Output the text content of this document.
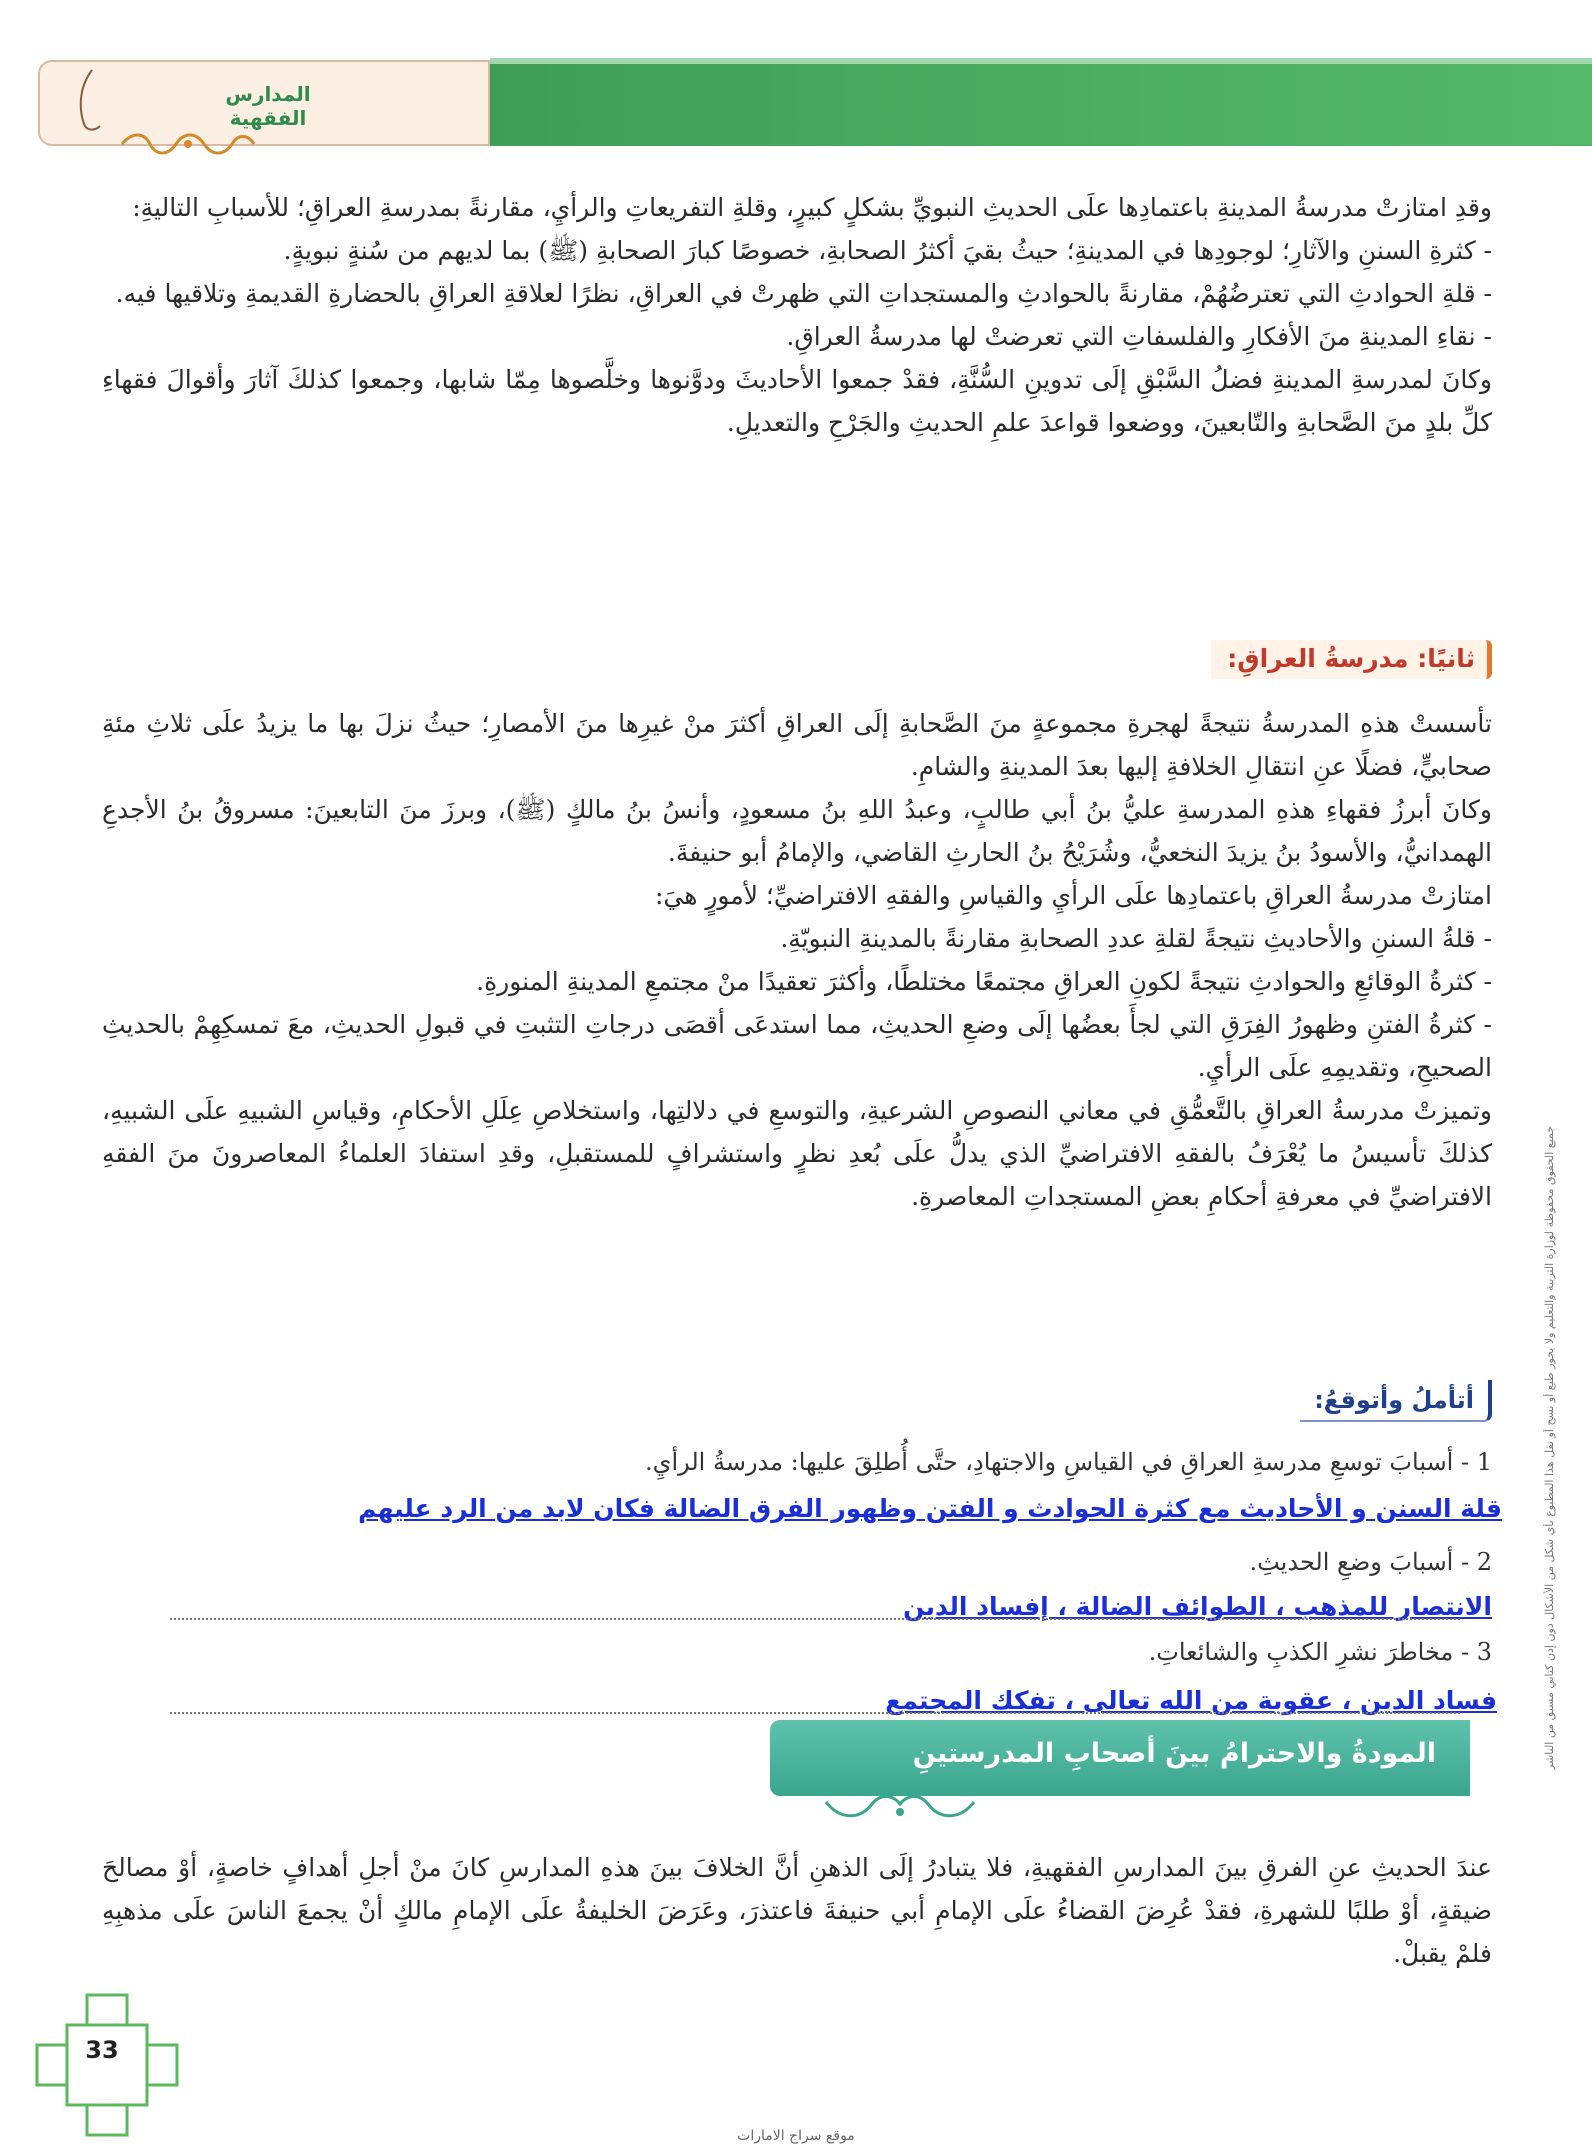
المدارس الفقهية
جميع الحقوق محفوظة لوزارة التربية والتعليم ولا يجوز طبع أو نسخ أو نقل هذا المطبوع بأي شكل من الأشكال دون إذن كتابي مسبق من الناشر
وقدِ امتازتْ مدرسةُ المدينةِ باعتمادِها علَى الحديثِ النبويِّ بشكلٍ كبيرٍ، وقلةِ التفريعاتِ والرأيِ، مقارنةً بمدرسةِ العراقِ؛ للأسبابِ التاليةِ:
- كثرةِ السننِ والآثارِ؛ لوجودِها في المدينةِ؛ حيثُ بقيَ أكثرُ الصحابةِ، خصوصًا كبارَ الصحابةِ (ﷺ) بما لديهم من سُنةٍ نبويةٍ.
- قلةِ الحوادثِ التي تعترضُهُمْ، مقارنةً بالحوادثِ والمستجداتِ التي ظهرتْ في العراقِ، نظرًا لعلاقةِ العراقِ بالحضارةِ القديمةِ وتلاقيها فيه.
- نقاءِ المدينةِ منَ الأفكارِ والفلسفاتِ التي تعرضتْ لها مدرسةُ العراقِ.
وكانَ لمدرسةِ المدينةِ فضلُ السَّبْقِ إلَى تدوينِ السُّنَّةِ، فقدْ جمعوا الأحاديثَ ودوَّنوها وخلَّصوها مِمّا شابها، وجمعوا كذلكَ آثارَ وأقوالَ فقهاءِ كلِّ بلدٍ منَ الصَّحابةِ والتّابعينَ، ووضعوا قواعدَ علمِ الحديثِ والجَرْحِ والتعديلِ.
ثانيًا: مدرسةُ العراقِ:
تأسستْ هذهِ المدرسةُ نتيجةً لهجرةِ مجموعةٍ منَ الصَّحابةِ إلَى العراقِ أكثرَ منْ غيرِها منَ الأمصارِ؛ حيثُ نزلَ بها ما يزيدُ علَى ثلاثِ مئةِ صحابيٍّ، فضلًا عنِ انتقالِ الخلافةِ إليها بعدَ المدينةِ والشامِ.
وكانَ أبرزُ فقهاءِ هذهِ المدرسةِ عليُّ بنُ أبي طالبٍ، وعبدُ اللهِ بنُ مسعودٍ، وأنسُ بنُ مالكٍ (ﷺ)، وبرزَ منَ التابعينَ: مسروقُ بنُ الأجدعِ الهمدانيُّ، والأسودُ بنُ يزيدَ النخعيُّ، وشُرَيْحُ بنُ الحارثِ القاضي، والإمامُ أبو حنيفةَ.
امتازتْ مدرسةُ العراقِ باعتمادِها علَى الرأيِ والقياسِ والفقهِ الافتراضيِّ؛ لأمورٍ هيَ:
- قلةُ السننِ والأحاديثِ نتيجةً لقلةِ عددِ الصحابةِ مقارنةً بالمدينةِ النبويّةِ.
- كثرةُ الوقائعِ والحوادثِ نتيجةً لكونِ العراقِ مجتمعًا مختلطًا، وأكثرَ تعقيدًا منْ مجتمعِ المدينةِ المنورةِ.
- كثرةُ الفتنِ وظهورُ الفِرَقِ التي لجأَ بعضُها إلَى وضعِ الحديثِ، مما استدعَى أقصَى درجاتِ التثبتِ في قبولِ الحديثِ، معَ تمسكِهِمْ بالحديثِ الصحيحِ، وتقديمِهِ علَى الرأيِ.
وتميزتْ مدرسةُ العراقِ بالتَّعمُّقِ في معاني النصوصِ الشرعيةِ، والتوسعِ في دلالتِها، واستخلاصِ عِلَلِ الأحكامِ، وقياسِ الشبيهِ علَى الشبيهِ، كذلكَ تأسيسُ ما يُعْرَفُ بالفقهِ الافتراضيِّ الذي يدلُّ علَى بُعدِ نظرٍ واستشرافٍ للمستقبلِ، وقدِ استفادَ العلماءُ المعاصرونَ منَ الفقهِ الافتراضيِّ في معرفةِ أحكامِ بعضِ المستجداتِ المعاصرةِ.
أتأملُ وأتوقعُ:
1 - أسبابَ توسعِ مدرسةِ العراقِ في القياسِ والاجتهادِ، حتَّى أُطلِقَ عليها: مدرسةُ الرأيِ.
قلة السنن و الأحاديث مع كثرة الحوادث و الفتن وظهور الفرق الضالة فكان لابد من الرد عليهم
2 - أسبابَ وضعِ الحديثِ.
الانتصار للمذهب ، الطوائف الضالة ، إفساد الدين
3 - مخاطرَ نشرِ الكذبِ والشائعاتِ.
فساد الدين ، عقوبة من الله تعالى ، تفكك المجتمع
المودةُ والاحترامُ بينَ أصحابِ المدرستينِ
عندَ الحديثِ عنِ الفرقِ بينَ المدارسِ الفقهيةِ، فلا يتبادرُ إلَى الذهنِ أنَّ الخلافَ بينَ هذهِ المدارسِ كانَ منْ أجلِ أهدافٍ خاصةٍ، أوْ مصالحَ ضيقةٍ، أوْ طلبًا للشهرةِ، فقدْ عُرِضَ القضاءُ علَى الإمامِ أبي حنيفةَ فاعتذرَ، وعَرَضَ الخليفةُ علَى الإمامِ مالكٍ أنْ يجمعَ الناسَ علَى مذهبِهِ فلمْ يقبلْ.
33
موقع سراج الامارات
